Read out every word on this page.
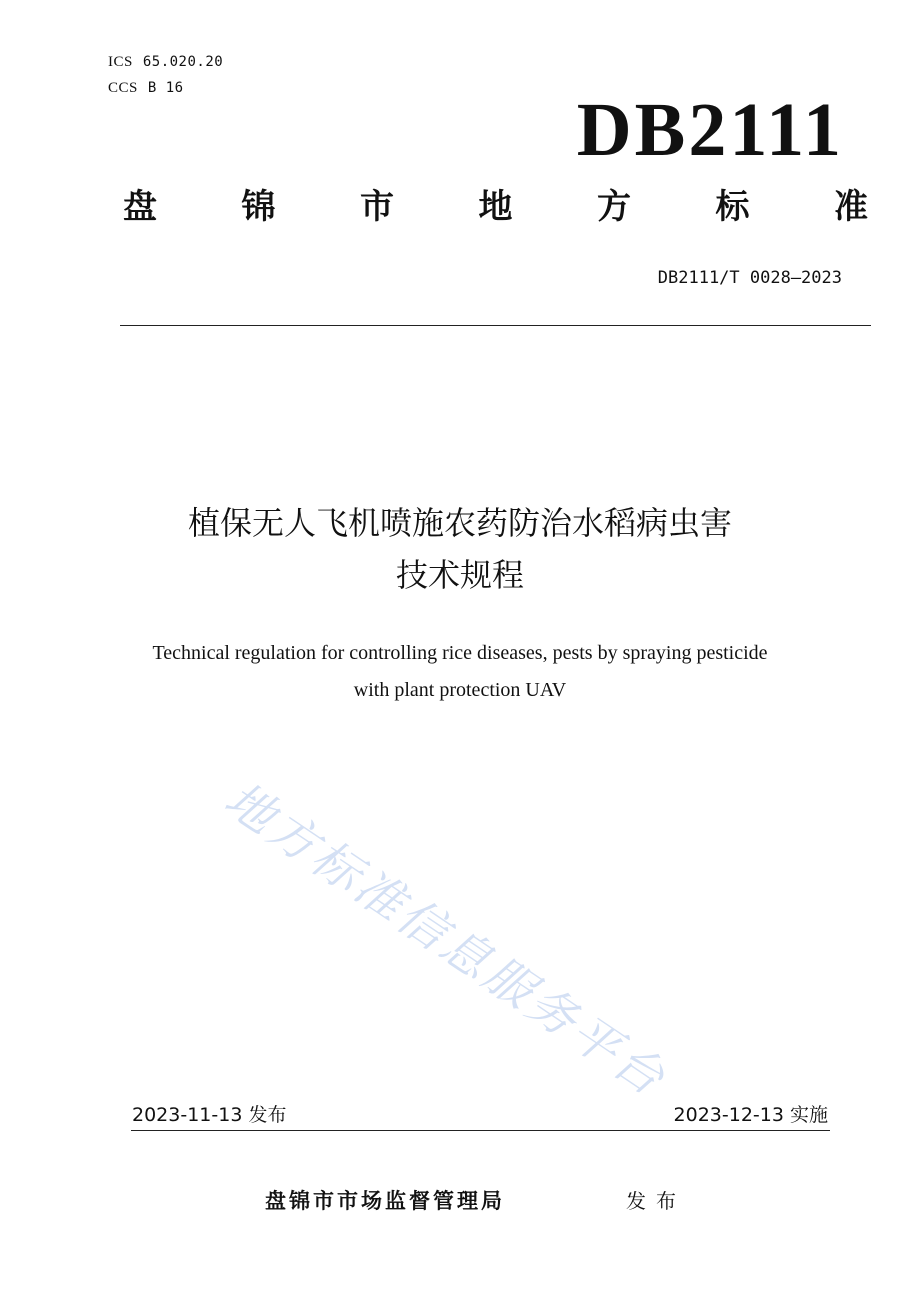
ICS 65.020.20
CCS B 16	DB2111
盘 锦 市 地 方 标 准
DB2111/T 0028—2023
植保无人飞机喷施农药防治水稻病虫害
技术规程
Technical regulation for controlling rice diseases, pests by spraying pesticide
with plant protection UAV
地方标准信息服务平台
2023-11-13 发布	2023-12-13 实施
盘锦市市场监督管理局	发布
